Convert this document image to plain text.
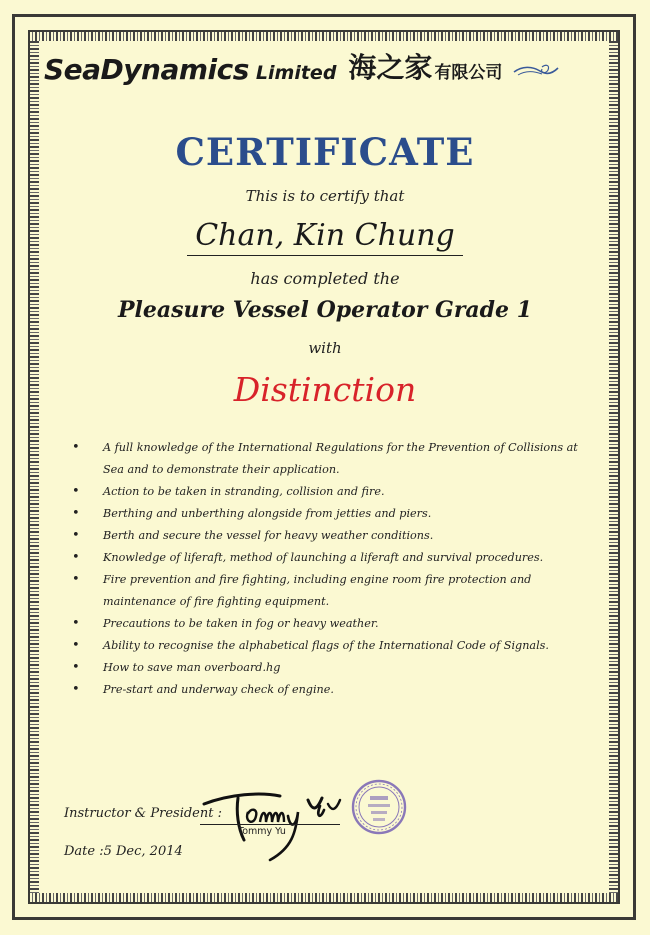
SeaDynamics Limited 海之家 有限公司
CERTIFICATE
This is to certify that
Chan, Kin Chung
has completed the
Pleasure Vessel Operator Grade 1
with
Distinction
• A full knowledge of the International Regulations for the Prevention of Collisions at Sea and to demonstrate their application.
• Action to be taken in stranding, collision and fire.
• Berthing and unberthing alongside from jetties and piers.
• Berth and secure the vessel for heavy weather conditions.
• Knowledge of liferaft, method of launching a liferaft and survival procedures.
• Fire prevention and fire fighting, including engine room fire protection and maintenance of fire fighting equipment.
• Precautions to be taken in fog or heavy weather.
• Ability to recognise the alphabetical flags of the International Code of Signals.
• How to save man overboard.hg
• Pre-start and underway check of engine.
Instructor & President :
Tommy Yu
Date :5 Dec, 2014
